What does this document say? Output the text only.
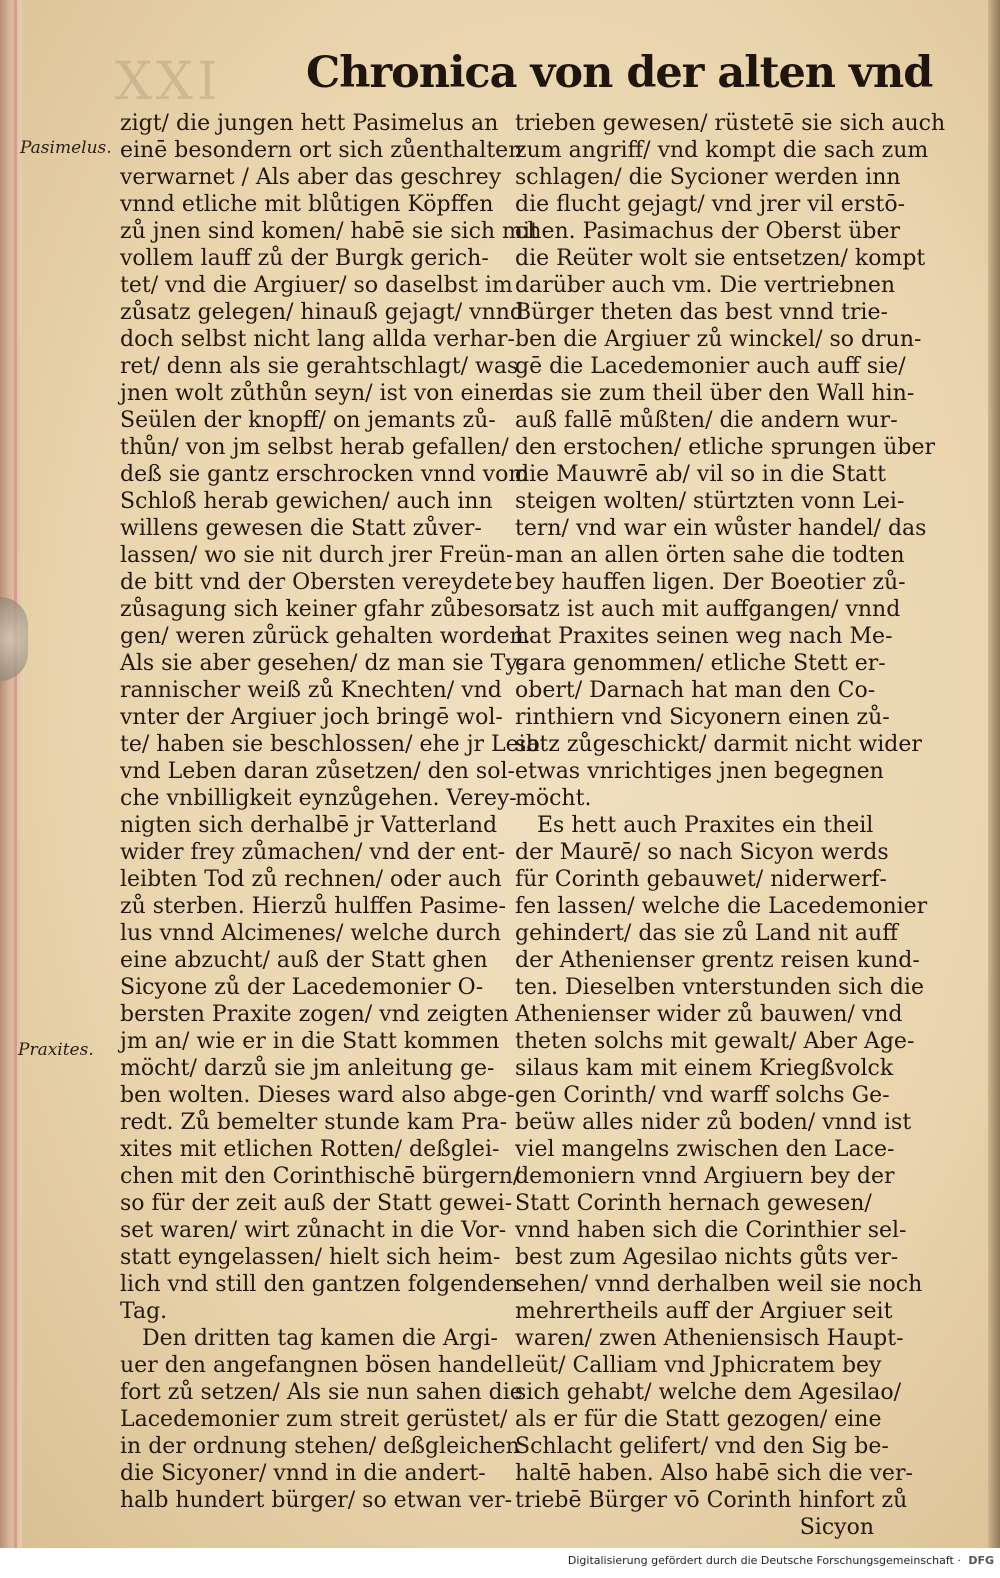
XXI Chronica von der alten vnd
Pasimelus.
Praxites.
zigt/ die jungen hett Pasimelus an
einē besondern ort sich zůenthalten
verwarnet / Als aber das geschrey
vnnd etliche mit blůtigen Köpffen
zů jnen sind komen/ habē sie sich mit
vollem lauff zů der Burgk gerich‑
tet/ vnd die Argiuer/ so daselbst im
zůsatz gelegen/ hinauß gejagt/ vnnd
doch selbst nicht lang allda verhar‑
ret/ denn als sie gerahtschlagt/ was
jnen wolt zůthůn seyn/ ist von einer
Seülen der knopff/ on jemants zů‑
thůn/ von jm selbst herab gefallen/
deß sie gantz erschrocken vnnd vom
Schloß herab gewichen/ auch inn
willens gewesen die Statt zůver‑
lassen/ wo sie nit durch jrer Freün‑
de bitt vnd der Obersten vereydete
zůsagung sich keiner gfahr zůbesor‑
gen/ weren zůrück gehalten worden.
Als sie aber gesehen/ dz man sie Ty‑
rannischer weiß zů Knechten/ vnd
vnter der Argiuer joch bringē wol‑
te/ haben sie beschlossen/ ehe jr Leib
vnd Leben daran zůsetzen/ den sol‑
che vnbilligkeit eynzůgehen. Verey‑
nigten sich derhalbē jr Vatterland
wider frey zůmachen/ vnd der ent‑
leibten Tod zů rechnen/ oder auch
zů sterben. Hierzů hulffen Pasime‑
lus vnnd Alcimenes/ welche durch
eine abzucht/ auß der Statt ghen
Sicyone zů der Lacedemonier O‑
bersten Praxite zogen/ vnd zeigten
jm an/ wie er in die Statt kommen
möcht/ darzů sie jm anleitung ge‑
ben wolten. Dieses ward also abge‑
redt. Zů bemelter stunde kam Pra‑
xites mit etlichen Rotten/ deßglei‑
chen mit den Corinthischē bürgern/
so für der zeit auß der Statt gewei‑
set waren/ wirt zůnacht in die Vor‑
statt eyngelassen/ hielt sich heim‑
lich vnd still den gantzen folgenden
Tag.
Den dritten tag kamen die Argi‑
uer den angefangnen bösen handel
fort zů setzen/ Als sie nun sahen die
Lacedemonier zum streit gerüstet/
in der ordnung stehen/ deßgleichen
die Sicyoner/ vnnd in die andert‑
halb hundert bürger/ so etwan ver‑
trieben gewesen/ rüstetē sie sich auch
zum angriff/ vnd kompt die sach zum
schlagen/ die Sycioner werden inn
die flucht gejagt/ vnd jrer vil erstō‑
chen. Pasimachus der Oberst über
die Reüter wolt sie entsetzen/ kompt
darüber auch vm. Die vertriebnen
Bürger theten das best vnnd trie‑
ben die Argiuer zů winckel/ so drun‑
gē die Lacedemonier auch auff sie/
das sie zum theil über den Wall hin‑
auß fallē můßten/ die andern wur‑
den erstochen/ etliche sprungen über
die Mauwrē ab/ vil so in die Statt
steigen wolten/ stürtzten vonn Lei‑
tern/ vnd war ein wůster handel/ das
man an allen örten sahe die todten
bey hauffen ligen. Der Boeotier zů‑
satz ist auch mit auffgangen/ vnnd
hat Praxites seinen weg nach Me‑
gara genommen/ etliche Stett er‑
obert/ Darnach hat man den Co‑
rinthiern vnd Sicyonern einen zů‑
satz zůgeschickt/ darmit nicht wider
etwas vnrichtiges jnen begegnen
möcht.
Es hett auch Praxites ein theil
der Maurē/ so nach Sicyon werds
für Corinth gebauwet/ niderwerf‑
fen lassen/ welche die Lacedemonier
gehindert/ das sie zů Land nit auff
der Athenienser grentz reisen kund‑
ten. Dieselben vnterstunden sich die
Athenienser wider zů bauwen/ vnd
theten solchs mit gewalt/ Aber Age‑
silaus kam mit einem Kriegßvolck
gen Corinth/ vnd warff solchs Ge‑
beüw alles nider zů boden/ vnnd ist
viel mangelns zwischen den Lace‑
demoniern vnnd Argiuern bey der
Statt Corinth hernach gewesen/
vnnd haben sich die Corinthier sel‑
best zum Agesilao nichts gůts ver‑
sehen/ vnnd derhalben weil sie noch
mehrertheils auff der Argiuer seit
waren/ zwen Atheniensisch Haupt‑
leüt/ Calliam vnd Jphicratem bey
sich gehabt/ welche dem Agesilao/
als er für die Statt gezogen/ eine
Schlacht gelifert/ vnd den Sig be‑
haltē haben. Also habē sich die ver‑
triebē Bürger vō Corinth hinfort zů
Sicyon
Digitalisierung gefördert durch die Deutsche Forschungsgemeinschaft · DFG
